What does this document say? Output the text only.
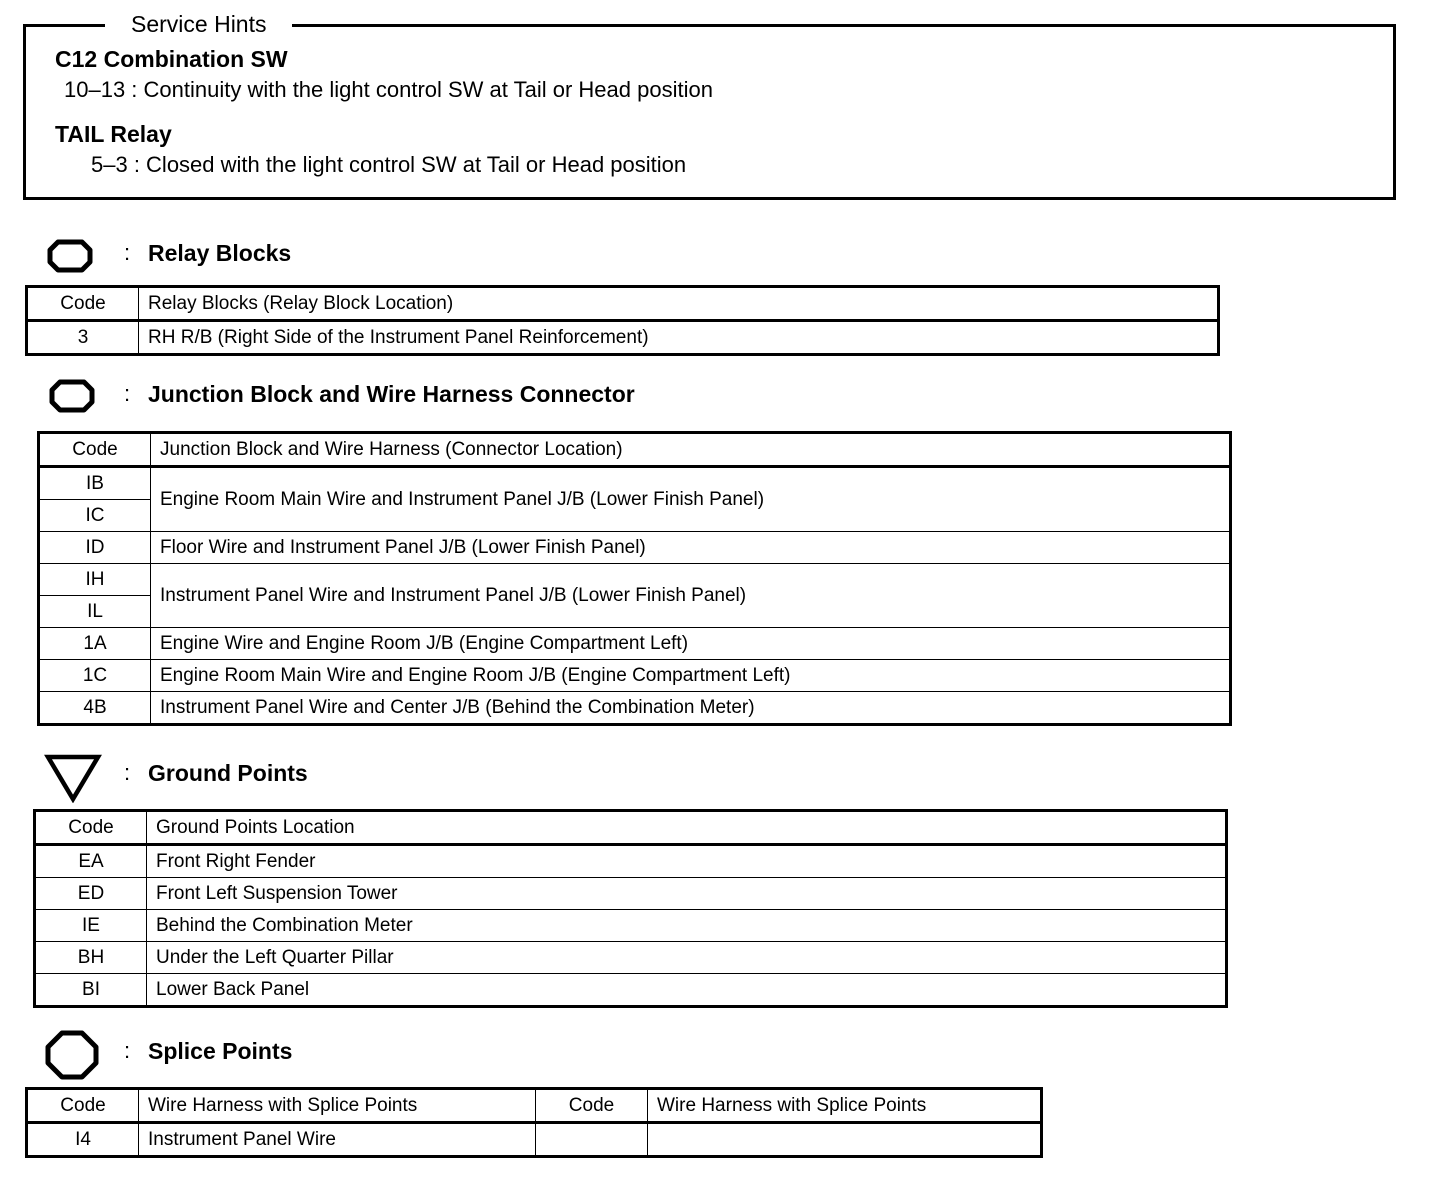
Service Hints
C12 Combination SW
10–13 : Continuity with the light control SW at Tail or Head position
TAIL Relay
5–3 : Closed with the light control SW at Tail or Head position
: Relay Blocks
Code	Relay Blocks (Relay Block Location)
3	RH R/B (Right Side of the Instrument Panel Reinforcement)
: Junction Block and Wire Harness Connector
Code	Junction Block and Wire Harness (Connector Location)
IB	Engine Room Main Wire and Instrument Panel J/B (Lower Finish Panel)
IC	
ID	Floor Wire and Instrument Panel J/B (Lower Finish Panel)
IH	Instrument Panel Wire and Instrument Panel J/B (Lower Finish Panel)
IL	
1A	Engine Wire and Engine Room J/B (Engine Compartment Left)
1C	Engine Room Main Wire and Engine Room J/B (Engine Compartment Left)
4B	Instrument Panel Wire and Center J/B (Behind the Combination Meter)
: Ground Points
Code	Ground Points Location
EA	Front Right Fender
ED	Front Left Suspension Tower
IE	Behind the Combination Meter
BH	Under the Left Quarter Pillar
BI	Lower Back Panel
: Splice Points
Code	Wire Harness with Splice Points	Code	Wire Harness with Splice Points
I4	Instrument Panel Wire		
